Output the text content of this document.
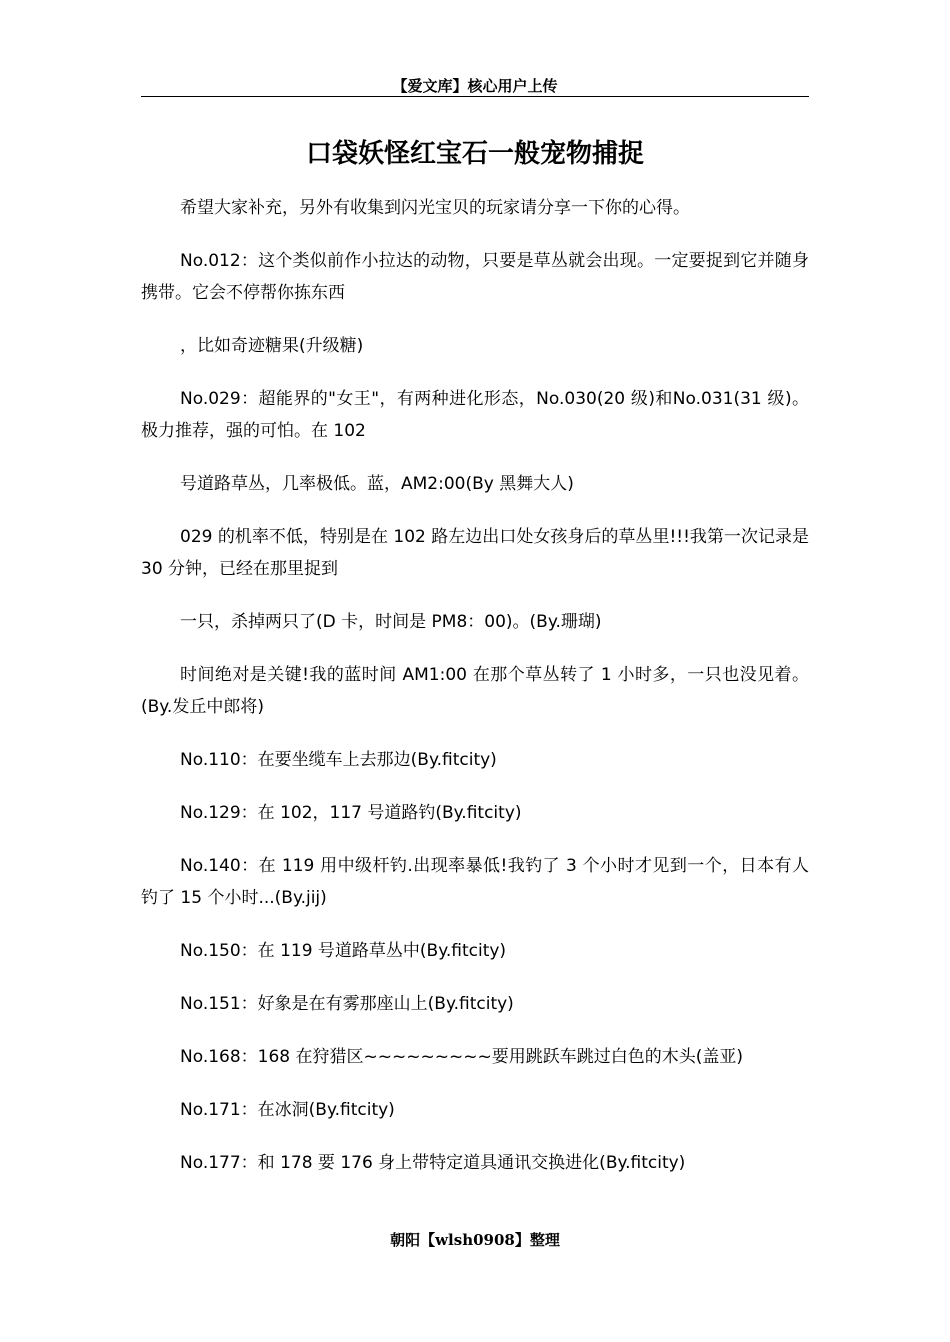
【爱文库】核心用户上传
口袋妖怪红宝石一般宠物捕捉

希望大家补充，另外有收集到闪光宝贝的玩家请分享一下你的心得。

No.012：这个类似前作小拉达的动物，只要是草丛就会出现。一定要捉到它并随身携带。它会不停帮你拣东西

，比如奇迹糖果(升级糖)

No.029：超能界的"女王"，有两种进化形态，No.030(20 级)和No.031(31 级)。极力推荐，强的可怕。在 102

号道路草丛，几率极低。蓝，AM2:00(By 黑舞大人)

029 的机率不低，特别是在 102 路左边出口处女孩身后的草丛里!!!我第一次记录是 30 分钟，已经在那里捉到

一只，杀掉两只了(D 卡，时间是 PM8：00)。(By.珊瑚)

时间绝对是关键!我的蓝时间 AM1:00 在那个草丛转了 1 小时多，一只也没见着。(By.发丘中郎将)

No.110：在要坐缆车上去那边(By.fitcity)

No.129：在 102，117 号道路钓(By.fitcity)

No.140：在 119 用中级杆钓.出现率暴低!我钓了 3 个小时才见到一个，日本有人钓了 15 个小时...(By.jij)

No.150：在 119 号道路草丛中(By.fitcity)

No.151：好象是在有雾那座山上(By.fitcity)

No.168：168 在狩猎区~~~~~~~~~要用跳跃车跳过白色的木头(盖亚)

No.171：在冰洞(By.fitcity)

No.177：和 178 要 176 身上带特定道具通讯交换进化(By.fitcity)

朝阳【wlsh0908】整理
